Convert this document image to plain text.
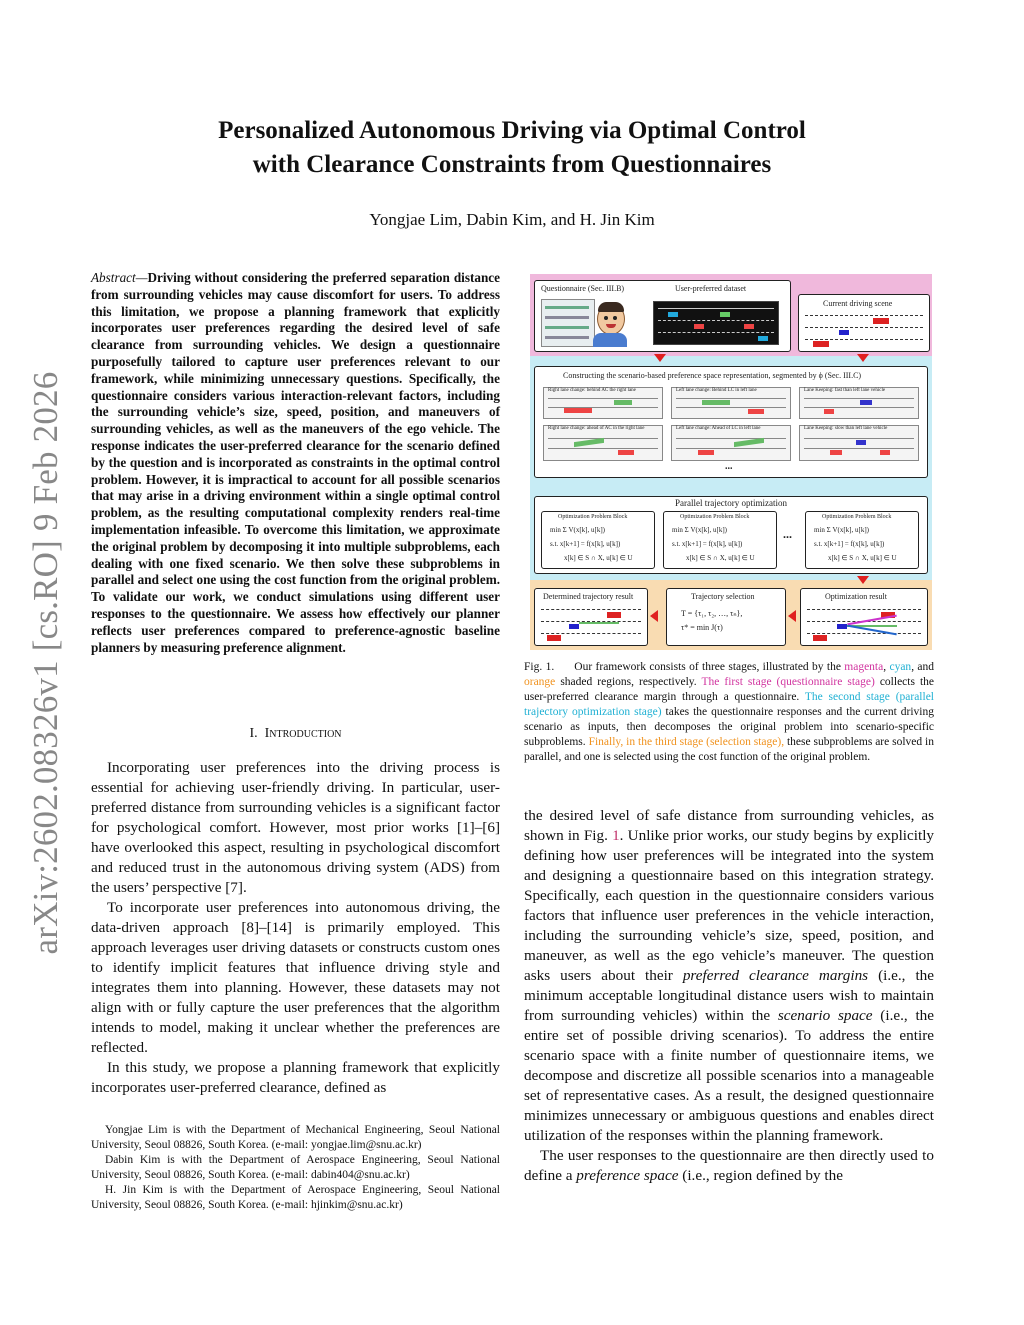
arXiv:2602.08326v1 [cs.RO] 9 Feb 2026
Personalized Autonomous Driving via Optimal Control
with Clearance Constraints from Questionnaires
Yongjae Lim, Dabin Kim, and H. Jin Kim
Abstract—Driving without considering the preferred separation distance from surrounding vehicles may cause discomfort for users. To address this limitation, we propose a planning framework that explicitly incorporates user preferences regarding the desired level of safe clearance from surrounding vehicles. We design a questionnaire purposefully tailored to capture user preferences relevant to our framework, while minimizing unnecessary questions. Specifically, the questionnaire considers various interaction-relevant factors, including the surrounding vehicle’s size, speed, position, and maneuvers of surrounding vehicles, as well as the maneuvers of the ego vehicle. The response indicates the user-preferred clearance for the scenario defined by the question and is incorporated as constraints in the optimal control problem. However, it is impractical to account for all possible scenarios that may arise in a driving environment within a single optimal control problem, as the resulting computational complexity renders real-time implementation infeasible. To overcome this limitation, we approximate the original problem by decomposing it into multiple subproblems, each dealing with one fixed scenario. We then solve these subproblems in parallel and select one using the cost function from the original problem. To validate our work, we conduct simulations using different user responses to the questionnaire. We assess how effectively our planner reflects user preferences compared to preference-agnostic baseline planners by measuring preference alignment.
I. Introduction

Incorporating user preferences into the driving process is essential for achieving user-friendly driving. In particular, user-preferred distance from surrounding vehicles is a significant factor for psychological comfort. However, most prior works [1]–[6] have overlooked this aspect, resulting in psychological discomfort and reduced trust in the autonomous driving system (ADS) from the users’ perspective [7].

To incorporate user preferences into autonomous driving, the data-driven approach [8]–[14] is primarily employed. This approach leverages user driving datasets or constructs custom ones to identify implicit features that influence driving style and integrates them into planning. However, these datasets may not align with or fully capture the user preferences that the algorithm intends to model, making it unclear whether the preferences are reflected.

In this study, we propose a planning framework that explicitly incorporates user-preferred clearance, defined as

Yongjae Lim is with the Department of Mechanical Engineering, Seoul National University, Seoul 08826, South Korea. (e-mail: yongjae.lim@snu.ac.kr)

Dabin Kim is with the Department of Aerospace Engineering, Seoul National University, Seoul 08826, South Korea. (e-mail: dabin404@snu.ac.kr)

H. Jin Kim is with the Department of Aerospace Engineering, Seoul National University, Seoul 08826, South Korea. (e-mail: hjinkim@snu.ac.kr)

Questionnaire (Sec. III.B)	User-preferred dataset
Current driving scene
Constructing the scenario-based preference space representation, segmented by ϕ (Sec. III.C)
Right lane change: behind AC the right lane	Left lane change: Behind LC in left lane	Lane Keeping: fast than left lane vehicle
Right lane change: ahead of AC in the right lane	Left lane change: Ahead of LC in left lane	Lane Keeping: slow than left lane vehicle
...
Parallel trajectory optimization
Optimization Problem Block
min Σ V(x[k], u[k])
s.t. x[k+1] = f(x[k], u[k])
x[k] ∈ S ∩ X, u[k] ∈ U
Optimization Problem Block
min Σ V(x[k], u[k])
s.t. x[k+1] = f(x[k], u[k])
x[k] ∈ S ∩ X, u[k] ∈ U
...
Optimization Problem Block
min Σ V(x[k], u[k])
s.t. x[k+1] = f(x[k], u[k])
x[k] ∈ S ∩ X, u[k] ∈ U
Determined trajectory result	Trajectory selection
T = {τ₁, τ₂, …, τₙ},
τ* = min J(τ)
Optimization result
Fig. 1. Our framework consists of three stages, illustrated by the magenta, cyan, and orange shaded regions, respectively. The first stage (questionnaire stage) collects the user-preferred clearance margin through a questionnaire. The second stage (parallel trajectory optimization stage) takes the questionnaire responses and the current driving scenario as inputs, then decomposes the original problem into scenario-specific subproblems. Finally, in the third stage (selection stage), these subproblems are solved in parallel, and one is selected using the cost function of the original problem.

the desired level of safe distance from surrounding vehicles, as shown in Fig. 1. Unlike prior works, our study begins by explicitly defining how user preferences will be integrated into the system and designing a questionnaire based on this integration strategy. Specifically, each question in the questionnaire considers various factors that influence user preferences in the vehicle interaction, including the surrounding vehicle’s size, speed, position, and maneuver, as well as the ego vehicle’s maneuver. The question asks users about their preferred clearance margins (i.e., the minimum acceptable longitudinal distance users wish to maintain from surrounding vehicles) within the scenario space (i.e., the entire set of possible driving scenarios). To address the entire scenario space with a finite number of questionnaire items, we decompose and discretize all possible scenarios into a manageable set of representative cases. As a result, the designed questionnaire minimizes unnecessary or ambiguous questions and enables direct utilization of the responses within the planning framework.

The user responses to the questionnaire are then directly used to define a preference space (i.e., region defined by the
